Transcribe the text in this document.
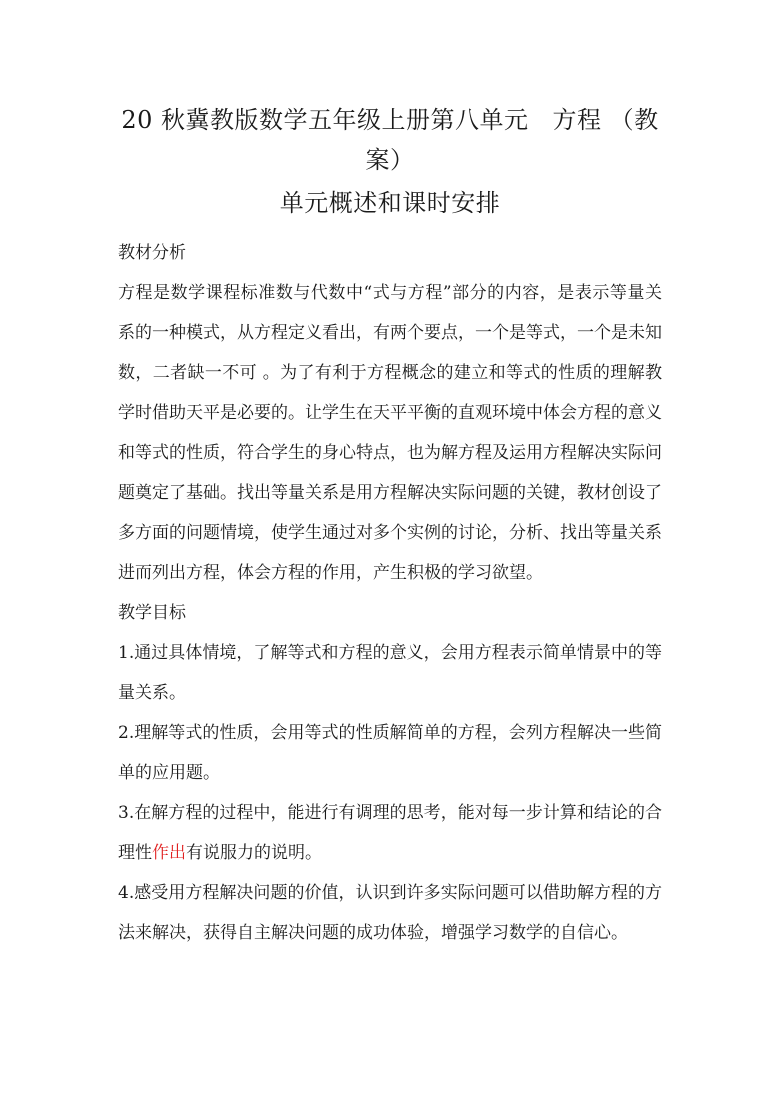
20 秋冀教版数学五年级上册第八单元 方程 （教案）
单元概述和课时安排
教材分析

方程是数学课程标准数与代数中“式与方程”部分的内容，是表示等量关系的一种模式，从方程定义看出，有两个要点，一个是等式，一个是未知数，二者缺一不可 。为了有利于方程概念的建立和等式的性质的理解教学时借助天平是必要的。让学生在天平平衡的直观环境中体会方程的意义和等式的性质，符合学生的身心特点，也为解方程及运用方程解决实际问题奠定了基础。找出等量关系是用方程解决实际问题的关键，教材创设了多方面的问题情境，使学生通过对多个实例的讨论，分析、找出等量关系进而列出方程，体会方程的作用，产生积极的学习欲望。

教学目标

1.通过具体情境，了解等式和方程的意义，会用方程表示简单情景中的等量关系。

2.理解等式的性质，会用等式的性质解简单的方程，会列方程解决一些简单的应用题。

3.在解方程的过程中，能进行有调理的思考，能对每一步计算和结论的合理性作出有说服力的说明。

4.感受用方程解决问题的价值，认识到许多实际问题可以借助解方程的方法来解决，获得自主解决问题的成功体验，增强学习数学的自信心。
